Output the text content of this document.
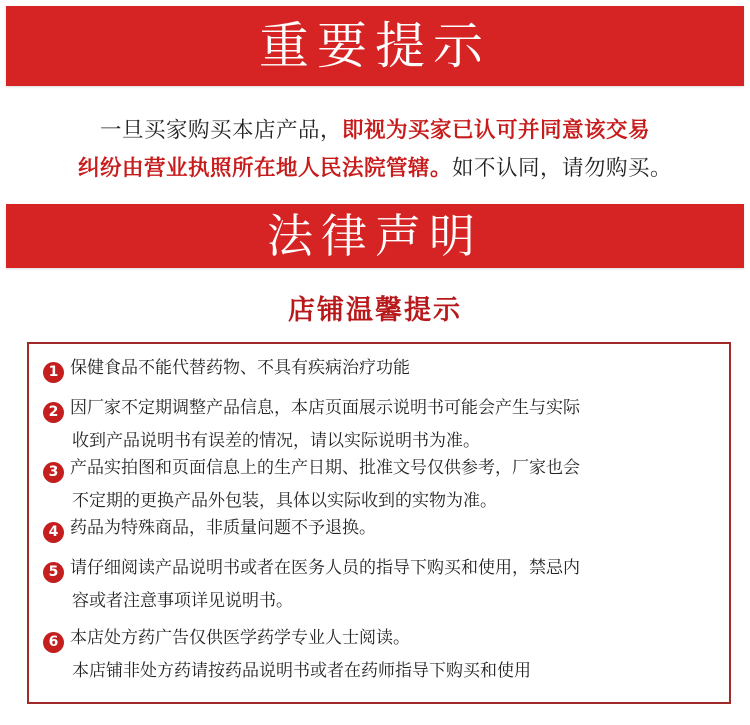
重要提示
一旦买家购买本店产品，即视为买家已认可并同意该交易
纠纷由营业执照所在地人民法院管辖。如不认同，请勿购买。
法律声明
店铺温馨提示
1 保健食品不能代替药物、不具有疾病治疗功能
2 因厂家不定期调整产品信息，本店页面展示说明书可能会产生与实际
收到产品说明书有误差的情况，请以实际说明书为准。
3 产品实拍图和页面信息上的生产日期、批准文号仅供参考，厂家也会
不定期的更换产品外包装，具体以实际收到的实物为准。
4 药品为特殊商品，非质量问题不予退换。
5 请仔细阅读产品说明书或者在医务人员的指导下购买和使用，禁忌内
容或者注意事项详见说明书。
6 本店处方药广告仅供医学药学专业人士阅读。
本店铺非处方药请按药品说明书或者在药师指导下购买和使用
